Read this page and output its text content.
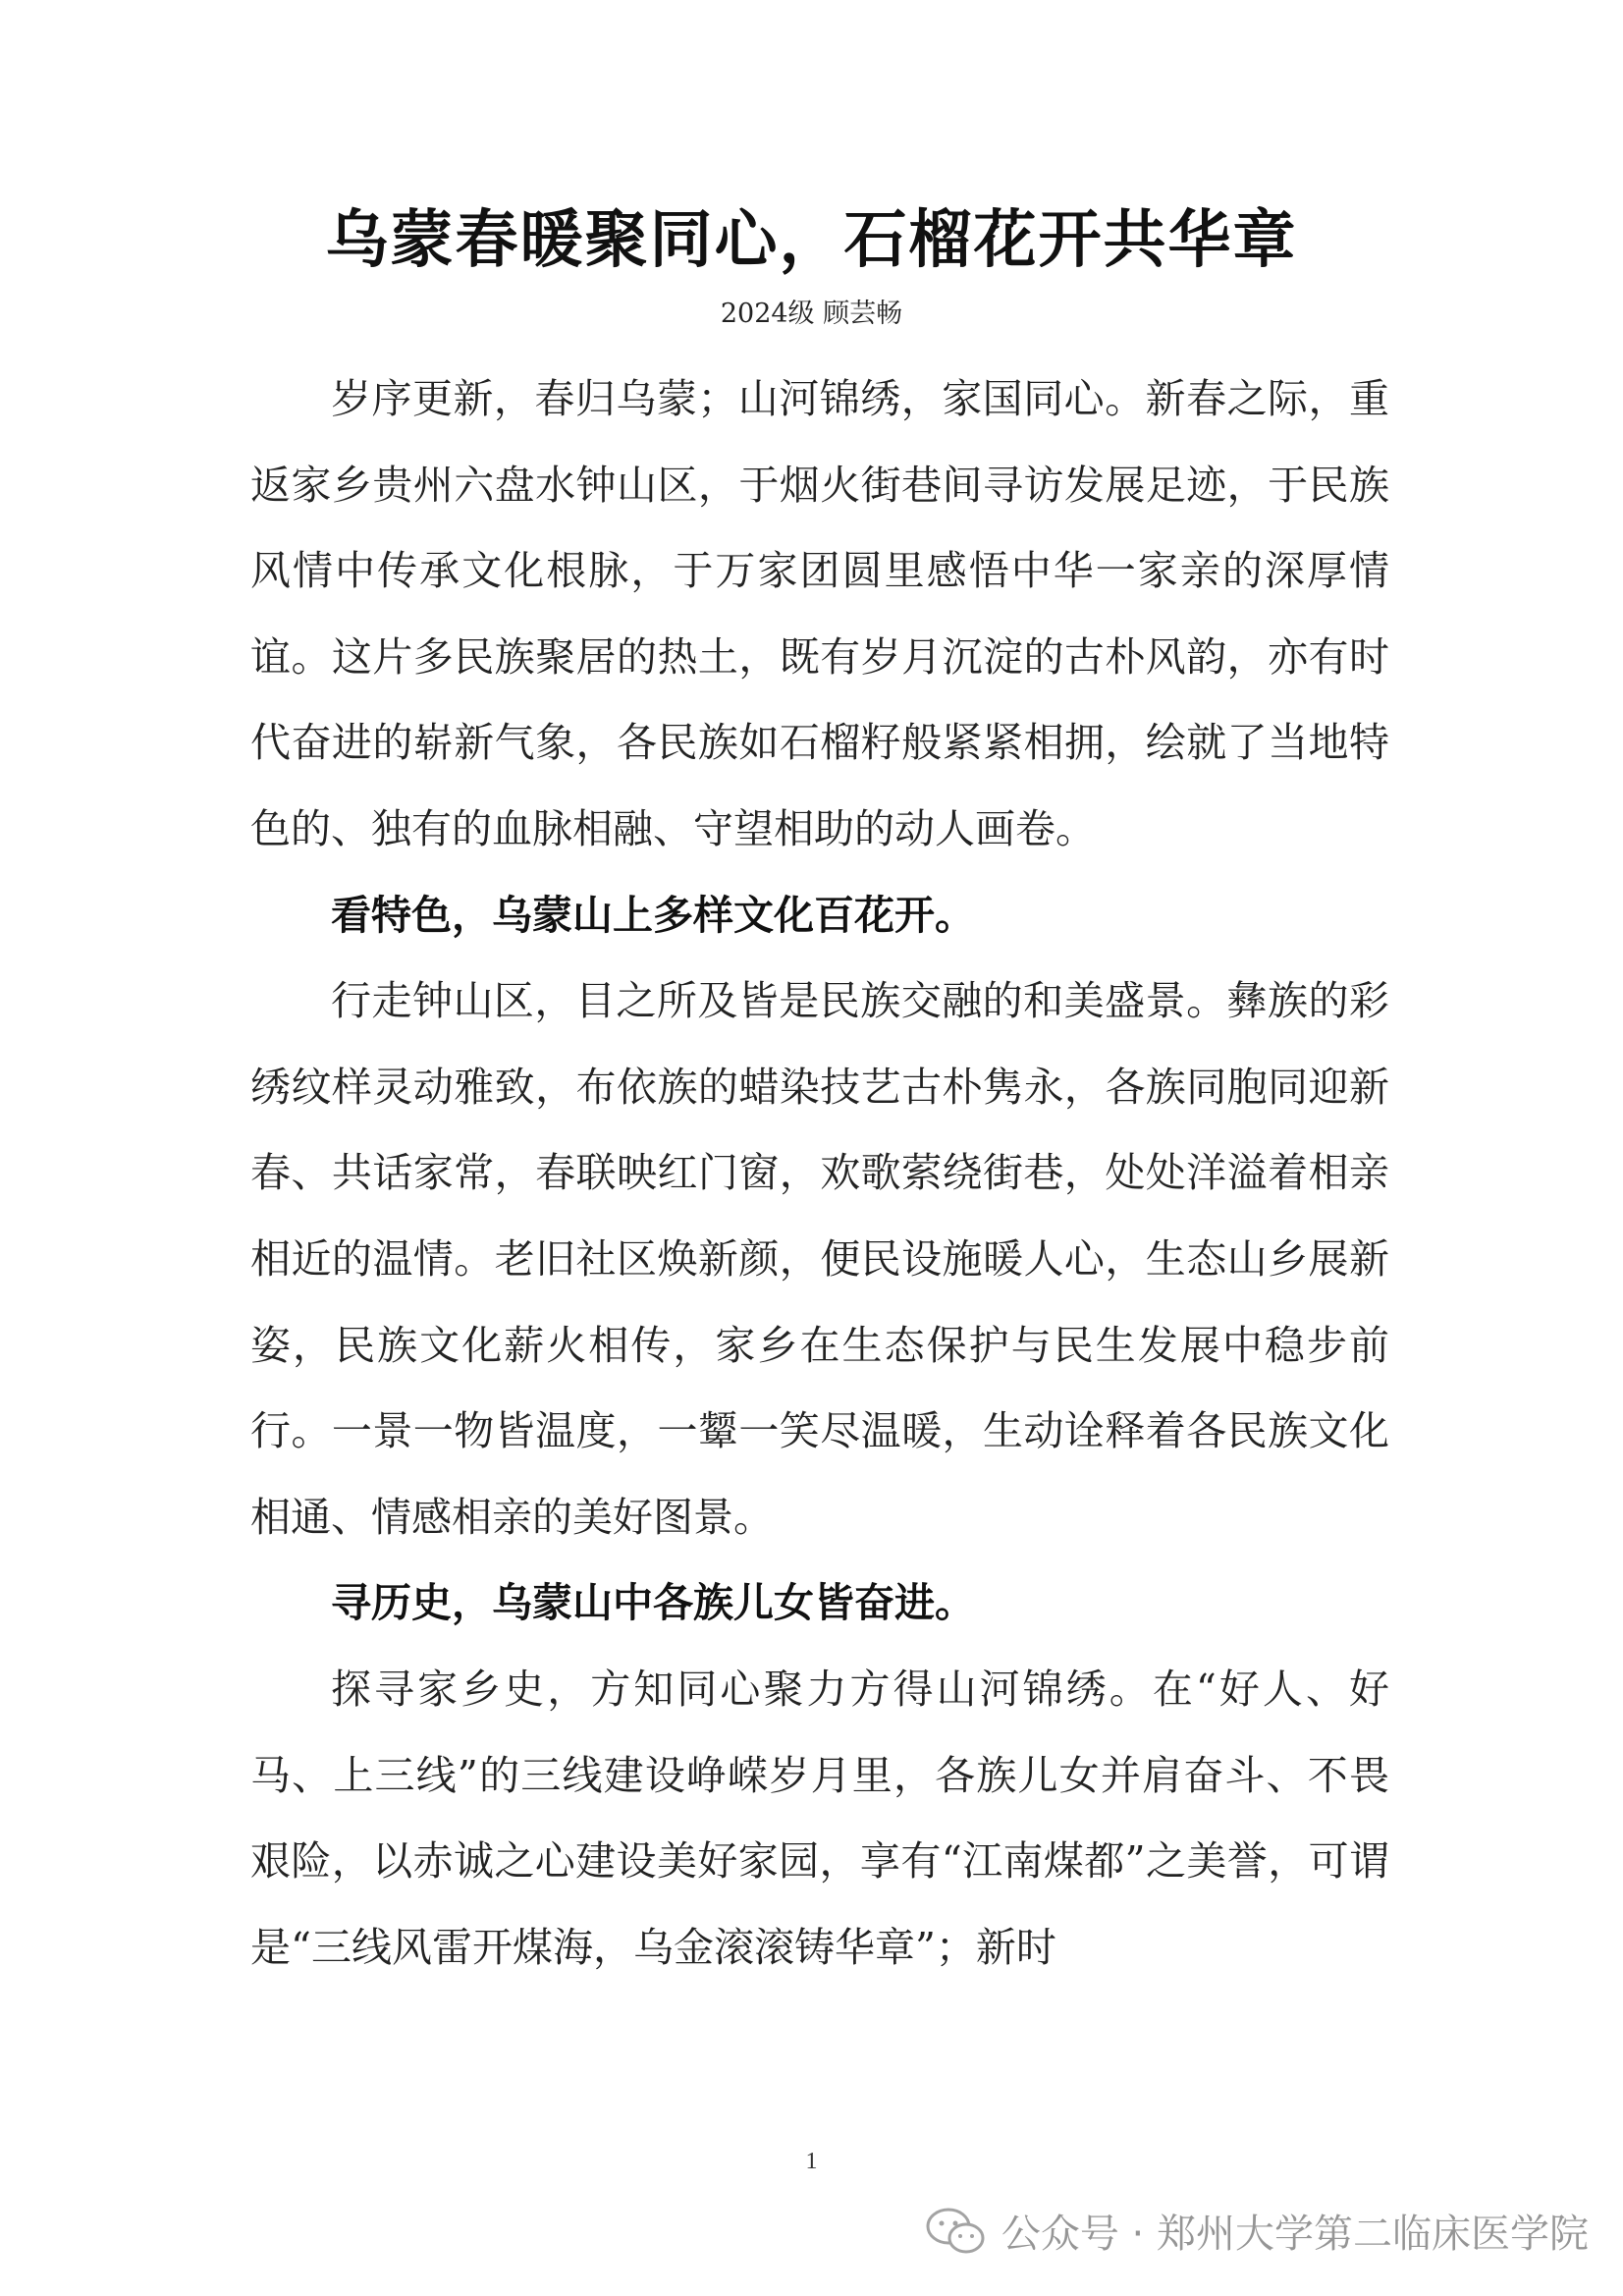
乌蒙春暖聚同心，石榴花开共华章
2024级 顾芸畅

岁序更新，春归乌蒙；山河锦绣，家国同心。新春之际，重返家乡贵州六盘水钟山区，于烟火街巷间寻访发展足迹，于民族风情中传承文化根脉，于万家团圆里感悟中华一家亲的深厚情谊。这片多民族聚居的热土，既有岁月沉淀的古朴风韵，亦有时代奋进的崭新气象，各民族如石榴籽般紧紧相拥，绘就了当地特色的、独有的血脉相融、守望相助的动人画卷。

看特色，乌蒙山上多样文化百花开。

行走钟山区，目之所及皆是民族交融的和美盛景。彝族的彩绣纹样灵动雅致，布依族的蜡染技艺古朴隽永，各族同胞同迎新春、共话家常，春联映红门窗，欢歌萦绕街巷，处处洋溢着相亲相近的温情。老旧社区焕新颜，便民设施暖人心，生态山乡展新姿，民族文化薪火相传，家乡在生态保护与民生发展中稳步前行。一景一物皆温度，一颦一笑尽温暖，生动诠释着各民族文化相通、情感相亲的美好图景。

寻历史，乌蒙山中各族儿女皆奋进。

探寻家乡史，方知同心聚力方得山河锦绣。在“好人、好马、上三线”的三线建设峥嵘岁月里，各族儿女并肩奋斗、不畏艰险，以赤诚之心建设美好家园，享有“江南煤都”之美誉，可谓是“三线风雷开煤海，乌金滚滚铸华章”；新时

1
公众号 · 郑州大学第二临床医学院
